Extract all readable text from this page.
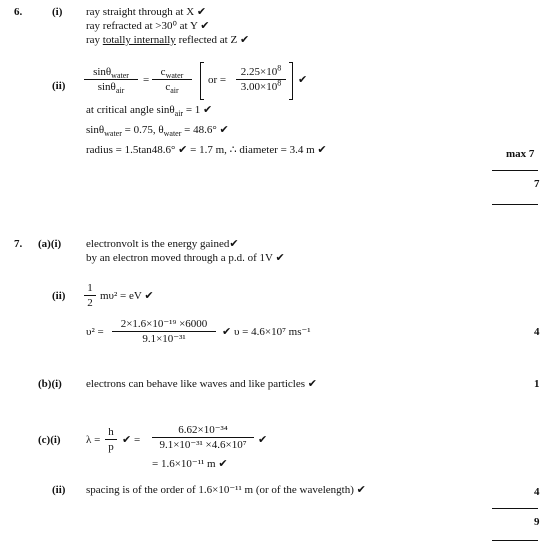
6.	(i) ray straight through at X ✔
ray refracted at >30⁰ at Y ✔
ray totally internally reflected at Z ✔
(ii)
sinθ$_{water}$
sinθ$_{air}$
=
$c_{water}$
$c_{air}$
or = $\frac{2.25\times 10^8}{3.00\times 10^8}$ ✔
at critical angle sinθ$_{air}$ = 1 ✔
sinθ$_{water}$ = 0.75, $\theta_{water} = 48.6^\circ$ ✔
radius = 1.5tan48.6° ✔ = 1.7 m, ∴ diameter = 3.4 m ✔	max 7
7
7. (a)(i) electronvolt is the energy gained✔
by an electron moved through a p.d. of 1V ✔
$(ii) \frac{1}{2} m\upsilon^2$ = eV ✔
$\upsilon^2 = \frac{\text{2×1.6×10⁻¹⁹ ×6000}}{\text{9.1×10⁻³¹}}$ ✔ υ = 4.6×10⁷ ms⁻¹	4
(b)(i) electrons can behave like waves and like particles ✔	1
(c)(i) $\lambda = \frac{h}{p}$ ✔ = $\frac{\text{6.62×10⁻³⁴}}{\text{9.1×10⁻³¹ ×4.6×10⁷}}$ ✔
= 1.6×10⁻¹¹ m ✔
(ii) spacing is of the order of 1.6×10⁻¹¹ m (or of the wavelength) ✔	4
9
